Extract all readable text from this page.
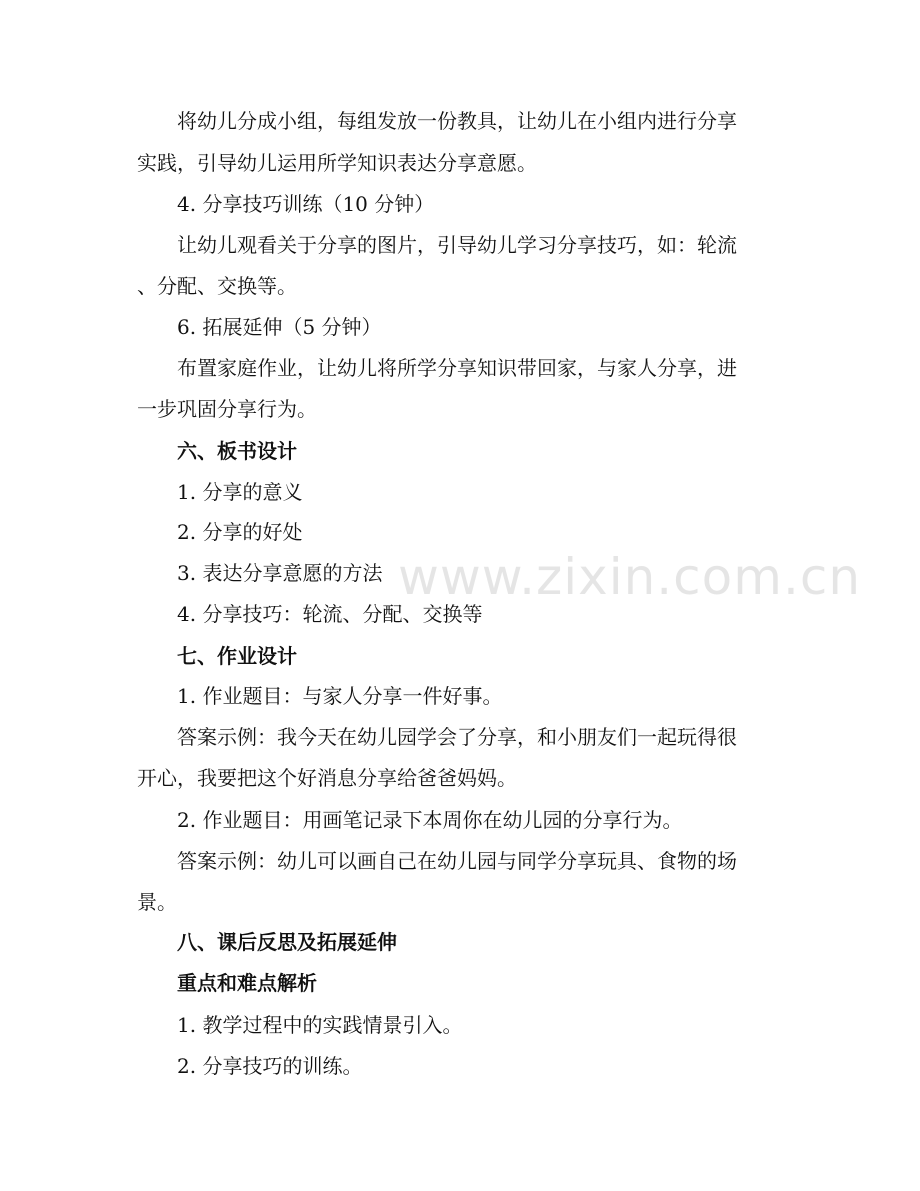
将幼儿分成小组，每组发放一份教具，让幼儿在小组内进行分享
实践，引导幼儿运用所学知识表达分享意愿。
4. 分享技巧训练（10 分钟）
让幼儿观看关于分享的图片，引导幼儿学习分享技巧，如：轮流
、分配、交换等。
6. 拓展延伸（5 分钟）
布置家庭作业，让幼儿将所学分享知识带回家，与家人分享，进
一步巩固分享行为。
六、板书设计
1. 分享的意义
2. 分享的好处
3. 表达分享意愿的方法
4. 分享技巧：轮流、分配、交换等
七、作业设计
1. 作业题目：与家人分享一件好事。
答案示例：我今天在幼儿园学会了分享，和小朋友们一起玩得很
开心，我要把这个好消息分享给爸爸妈妈。
2. 作业题目：用画笔记录下本周你在幼儿园的分享行为。
答案示例：幼儿可以画自己在幼儿园与同学分享玩具、食物的场
景。
八、课后反思及拓展延伸
重点和难点解析
1. 教学过程中的实践情景引入。
2. 分享技巧的训练。
www.zixin.com.cn
